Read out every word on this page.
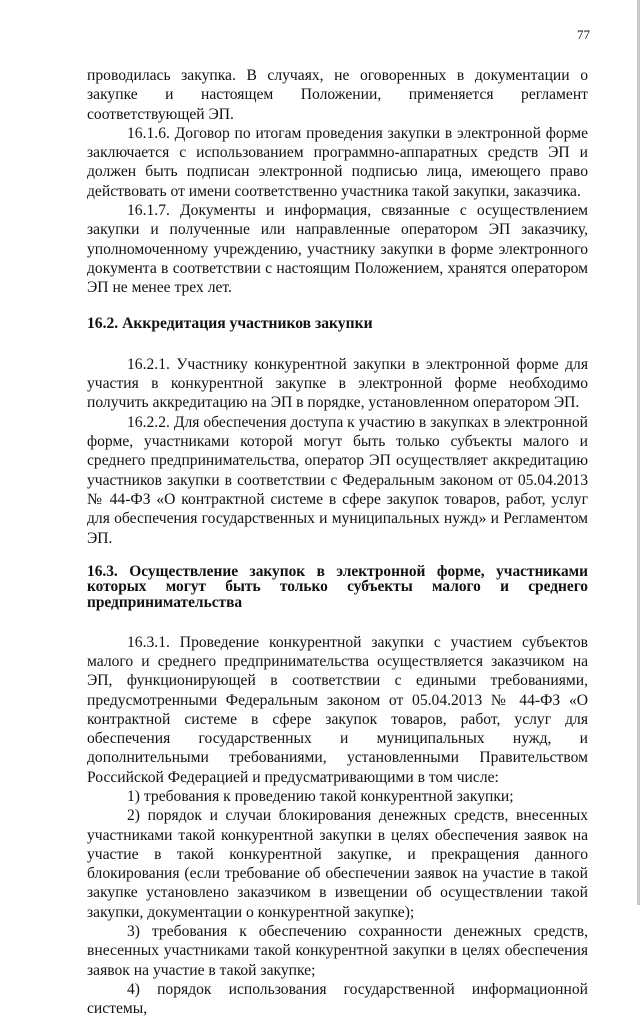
77

проводилась закупка. В случаях, не оговоренных в документации о закупке и настоящем Положении, применяется регламент соответствующей ЭП.

16.1.6. Договор по итогам проведения закупки в электронной форме заключается с использованием программно-аппаратных средств ЭП и должен быть подписан электронной подписью лица, имеющего право действовать от имени соответственно участника такой закупки, заказчика.

16.1.7. Документы и информация, связанные с осуществлением закупки и полученные или направленные оператором ЭП заказчику, уполномоченному учреждению, участнику закупки в форме электронного документа в соответствии с настоящим Положением, хранятся оператором ЭП не менее трех лет.

16.2. Аккредитация участников закупки

16.2.1. Участнику конкурентной закупки в электронной форме для участия в конкурентной закупке в электронной форме необходимо получить аккредитацию на ЭП в порядке, установленном оператором ЭП.

16.2.2. Для обеспечения доступа к участию в закупках в электронной форме, участниками которой могут быть только субъекты малого и среднего предпринимательства, оператор ЭП осуществляет аккредитацию участников закупки в соответствии с Федеральным законом от 05.04.2013 № 44-ФЗ «О контрактной системе в сфере закупок товаров, работ, услуг для обеспечения государственных и муниципальных нужд» и Регламентом ЭП.

16.3. Осуществление закупок в электронной форме, участниками которых могут быть только субъекты малого и среднего предпринимательства

16.3.1. Проведение конкурентной закупки с участием субъектов малого и среднего предпринимательства осуществляется заказчиком на ЭП, функционирующей в соответствии с едиными требованиями, предусмотренными Федеральным законом от 05.04.2013 № 44-ФЗ «О контрактной системе в сфере закупок товаров, работ, услуг для обеспечения государственных и муниципальных нужд, и дополнительными требованиями, установленными Правительством Российской Федерацией и предусматривающими в том числе:

1) требования к проведению такой конкурентной закупки;

2) порядок и случаи блокирования денежных средств, внесенных участниками такой конкурентной закупки в целях обеспечения заявок на участие в такой конкурентной закупке, и прекращения данного блокирования (если требование об обеспечении заявок на участие в такой закупке установлено заказчиком в извещении об осуществлении такой закупки, документации о конкурентной закупке);

3) требования к обеспечению сохранности денежных средств, внесенных участниками такой конкурентной закупки в целях обеспечения заявок на участие в такой закупке;

4) порядок использования государственной информационной системы,
